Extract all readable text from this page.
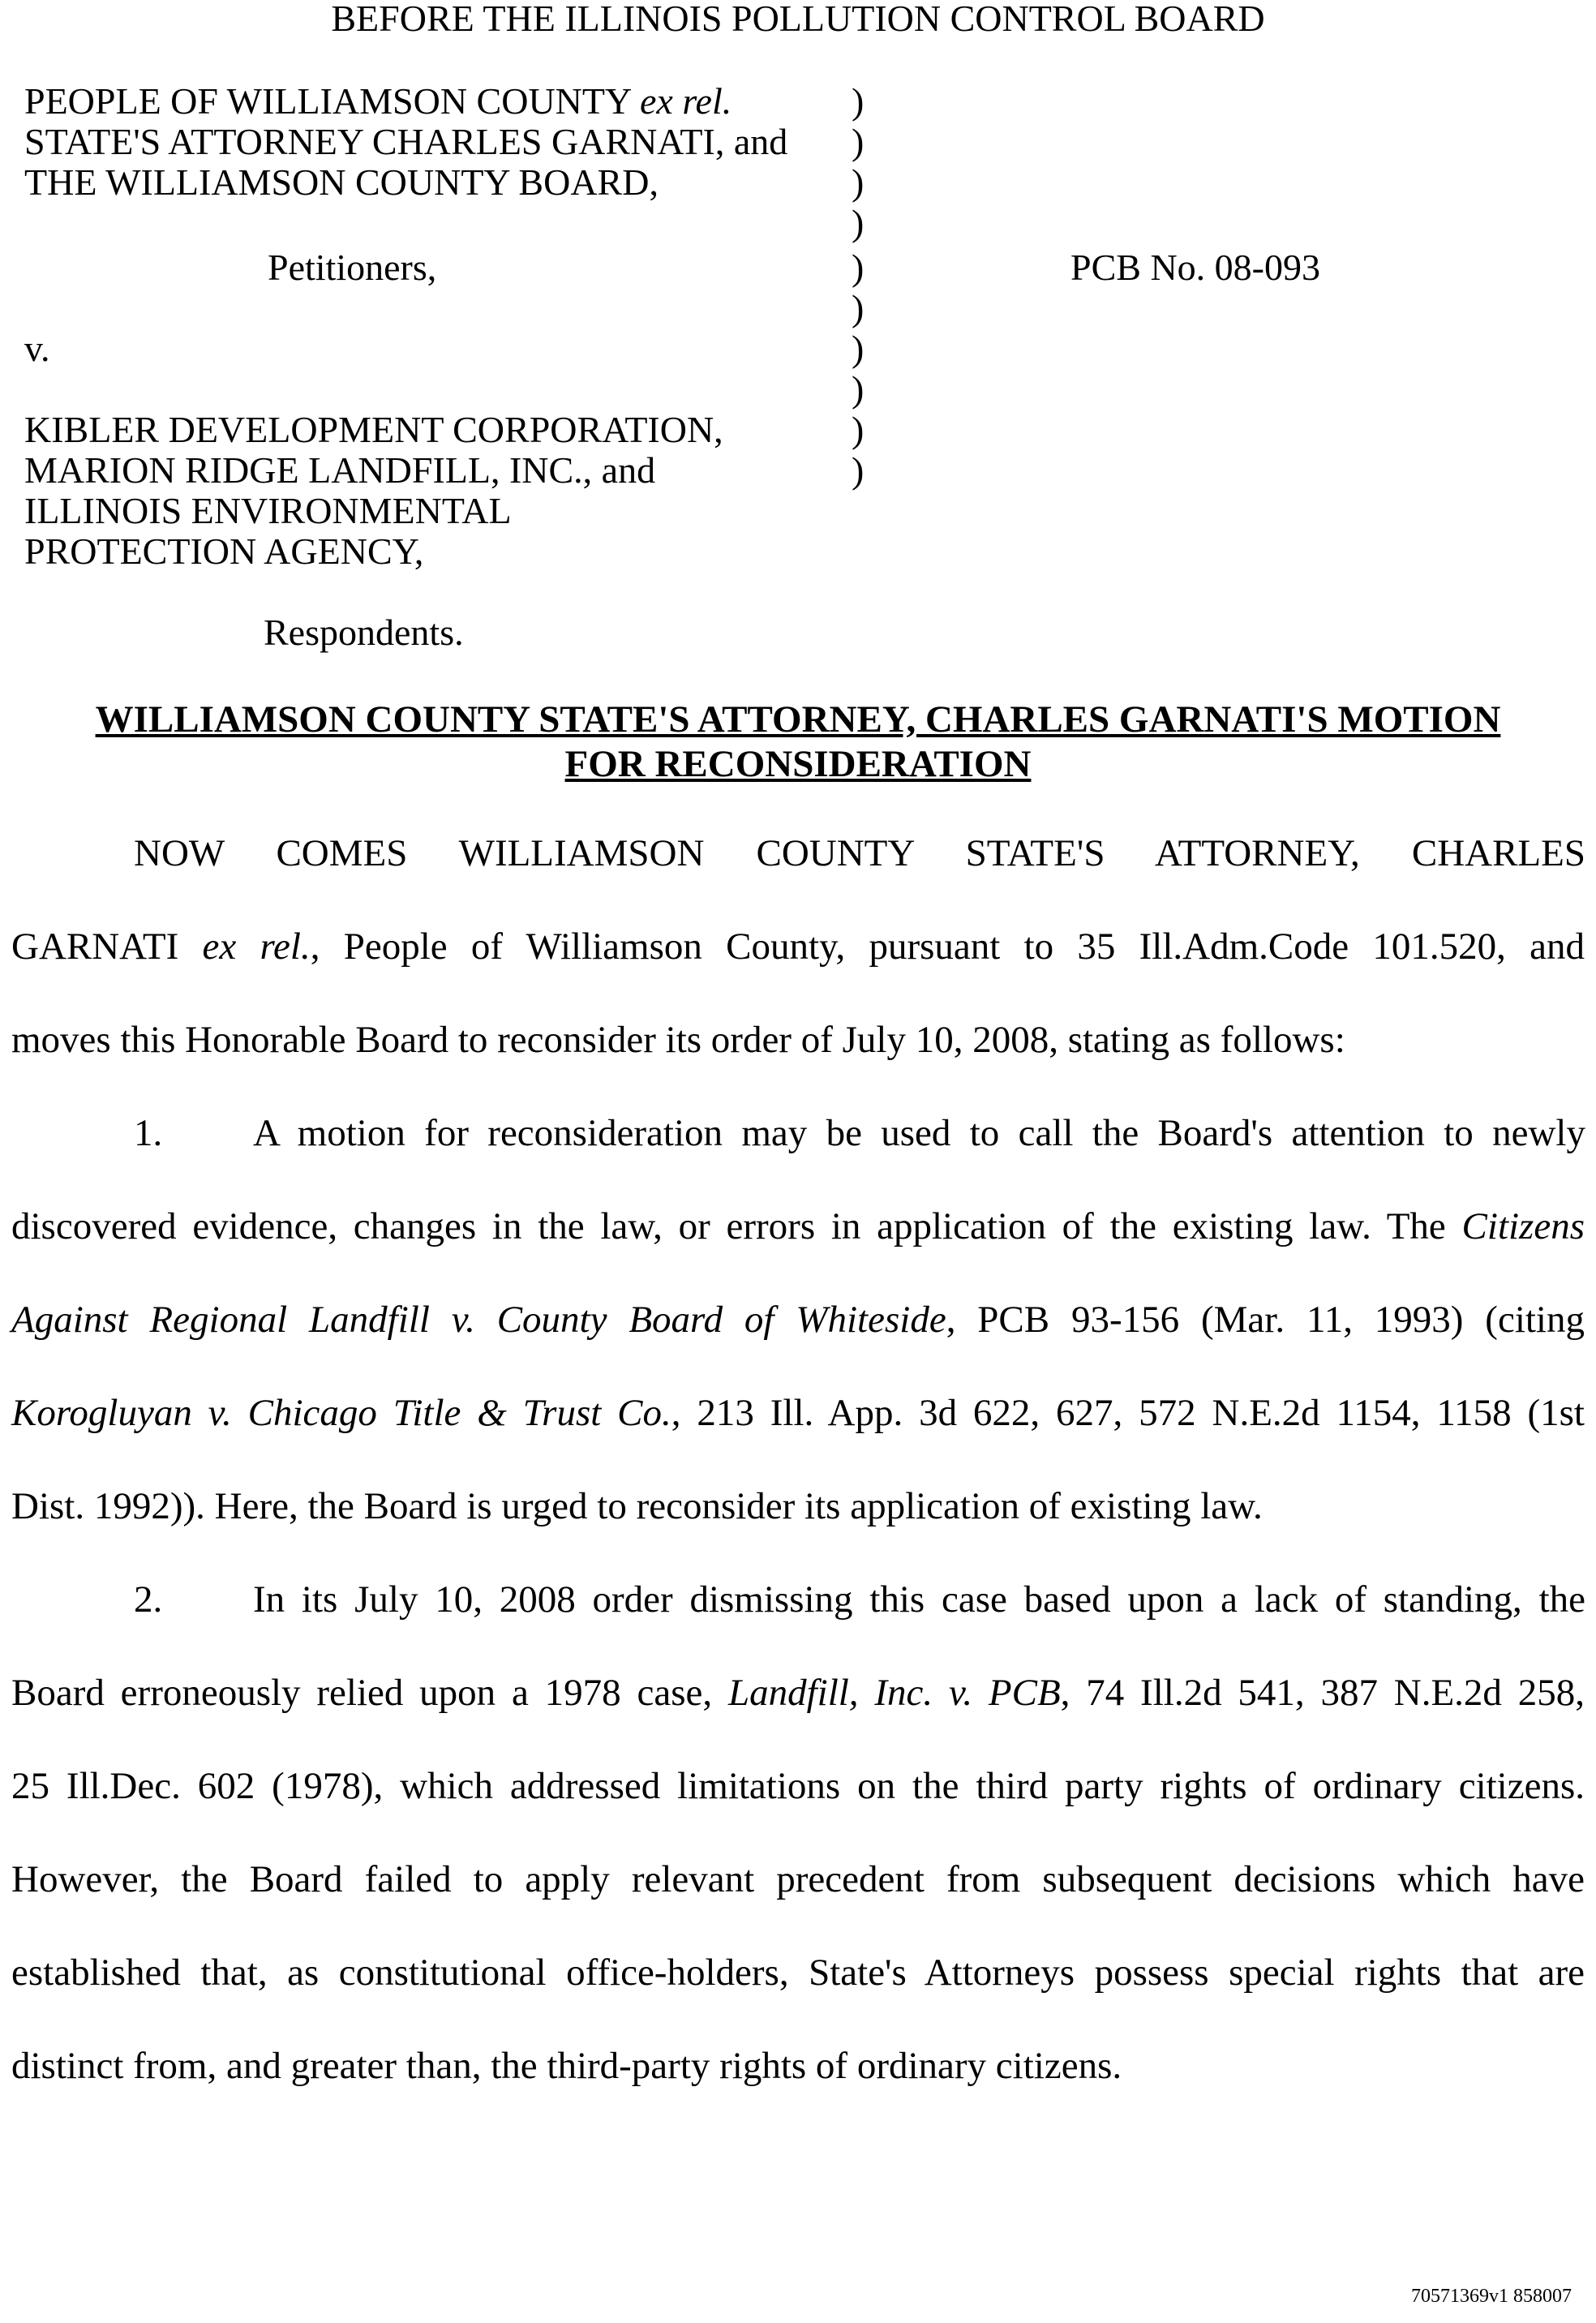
BEFORE THE ILLINOIS POLLUTION CONTROL BOARD
PEOPLE OF WILLIAMSON COUNTY ex rel.
STATE'S ATTORNEY CHARLES GARNATI, and
THE WILLIAMSON COUNTY BOARD,
Petitioners,
v.
KIBLER DEVELOPMENT CORPORATION,
MARION RIDGE LANDFILL, INC., and
ILLINOIS ENVIRONMENTAL
PROTECTION AGENCY,
Respondents.
)
)
)
)
)
)
)
)
)
)
PCB No. 08-093
WILLIAMSON COUNTY STATE'S ATTORNEY, CHARLES GARNATI'S MOTION
FOR RECONSIDERATION
NOW COMES WILLIAMSON COUNTY STATE'S ATTORNEY, CHARLES
GARNATI ex rel., People of Williamson County, pursuant to 35 Ill.Adm.Code 101.520, and
moves this Honorable Board to reconsider its order of July 10, 2008, stating as follows:
1. A motion for reconsideration may be used to call the Board's attention to newly
discovered evidence, changes in the law, or errors in application of the existing law. The Citizens
Against Regional Landfill v. County Board of Whiteside, PCB 93-156 (Mar. 11, 1993) (citing
Korogluyan v. Chicago Title & Trust Co., 213 Ill. App. 3d 622, 627, 572 N.E.2d 1154, 1158 (1st
Dist. 1992)). Here, the Board is urged to reconsider its application of existing law.
2. In its July 10, 2008 order dismissing this case based upon a lack of standing, the
Board erroneously relied upon a 1978 case, Landfill, Inc. v. PCB, 74 Ill.2d 541, 387 N.E.2d 258,
25 Ill.Dec. 602 (1978), which addressed limitations on the third party rights of ordinary citizens.
However, the Board failed to apply relevant precedent from subsequent decisions which have
established that, as constitutional office-holders, State's Attorneys possess special rights that are
distinct from, and greater than, the third-party rights of ordinary citizens.
70571369v1 858007
